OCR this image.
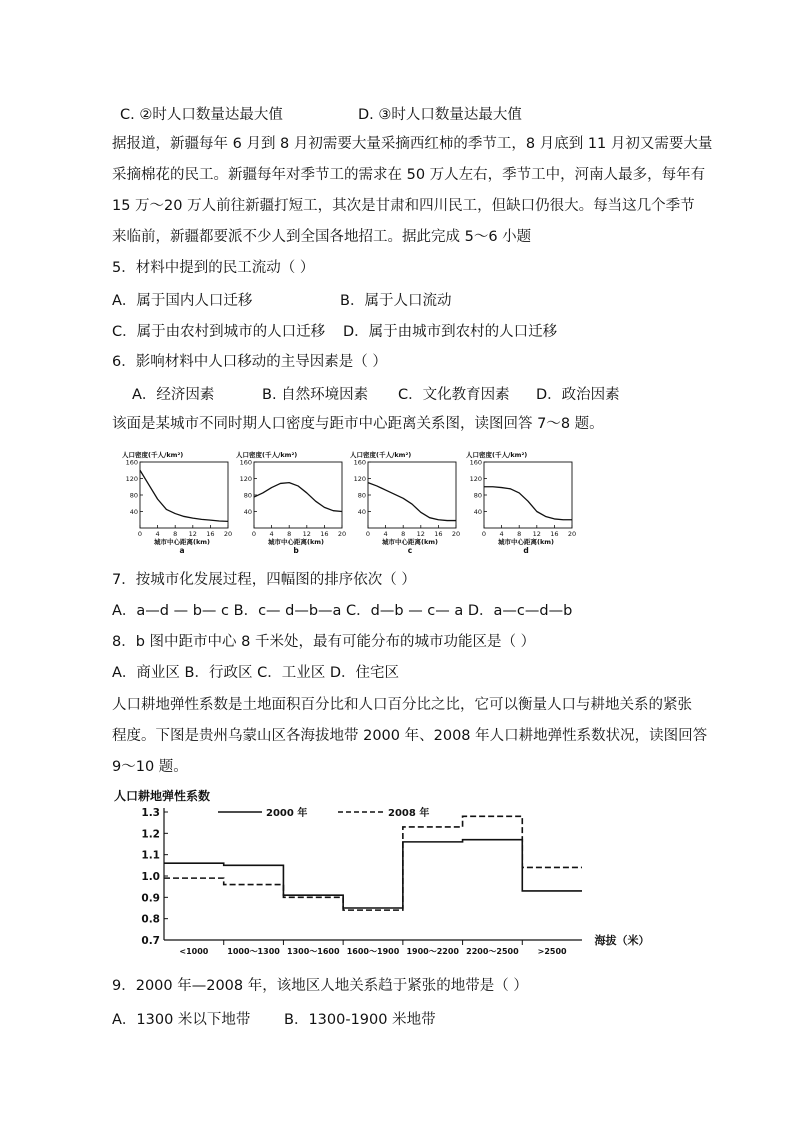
C. ②时人口数量达最大值	D. ③时人口数量达最大值
据报道，新疆每年 6 月到 8 月初需要大量采摘西红柿的季节工，8 月底到 11 月初又需要大量
采摘棉花的民工。新疆每年对季节工的需求在 50 万人左右，季节工中，河南人最多，每年有
15 万～20 万人前往新疆打短工，其次是甘肃和四川民工，但缺口仍很大。每当这几个季节
来临前，新疆都要派不少人到全国各地招工。据此完成 5～6 小题
5．材料中提到的民工流动（ ）
A．属于国内人口迁移	B．属于人口流动
C．属于由农村到城市的人口迁移 D．属于由城市到农村的人口迁移
6．影响材料中人口移动的主导因素是（ ）
A．经济因素	B. 自然环境因素 C．文化教育因素 D．政治因素
该面是某城市不同时期人口密度与距市中心距离关系图，读图回答 7～8 题。
人口密度(千人/km²)
160
120
80
40
0 4 8 12 16 20
城市中心距离(km)
a
人口密度(千人/km²)
160
120
80
40
0 4 8 12 16 20
城市中心距离(km)
b
人口密度(千人/km²)
160
120
80
40
0 4 8 12 16 20
城市中心距离(km)
c
人口密度(千人/km²)
160
120
80
40
0 4 8 12 16 20
城市中心距离(km)
d
7．按城市化发展过程，四幅图的排序依次（ ）
A．a—d — b— c B．c— d—b—a C．d—b — c— a D．a—c—d—b
8．b 图中距市中心 8 千米处，最有可能分布的城市功能区是（ ）
A．商业区 B．行政区 C．工业区 D．住宅区
人口耕地弹性系数是土地面积百分比和人口百分比之比，它可以衡量人口与耕地关系的紧张
程度。下图是贵州乌蒙山区各海拔地带 2000 年、2008 年人口耕地弹性系数状况，读图回答
9～10 题。
人口耕地弹性系数
2000 年	2008 年
0.7
0.8
0.9
1.0
1.1
1.2
1.3
<1000 1000～1300 1300～1600 1600～1900 1900～2200 2200～2500 >2500
海拔（米）
9．2000 年—2008 年，该地区人地关系趋于紧张的地带是（ ）
A．1300 米以下地带 B．1300-1900 米地带
